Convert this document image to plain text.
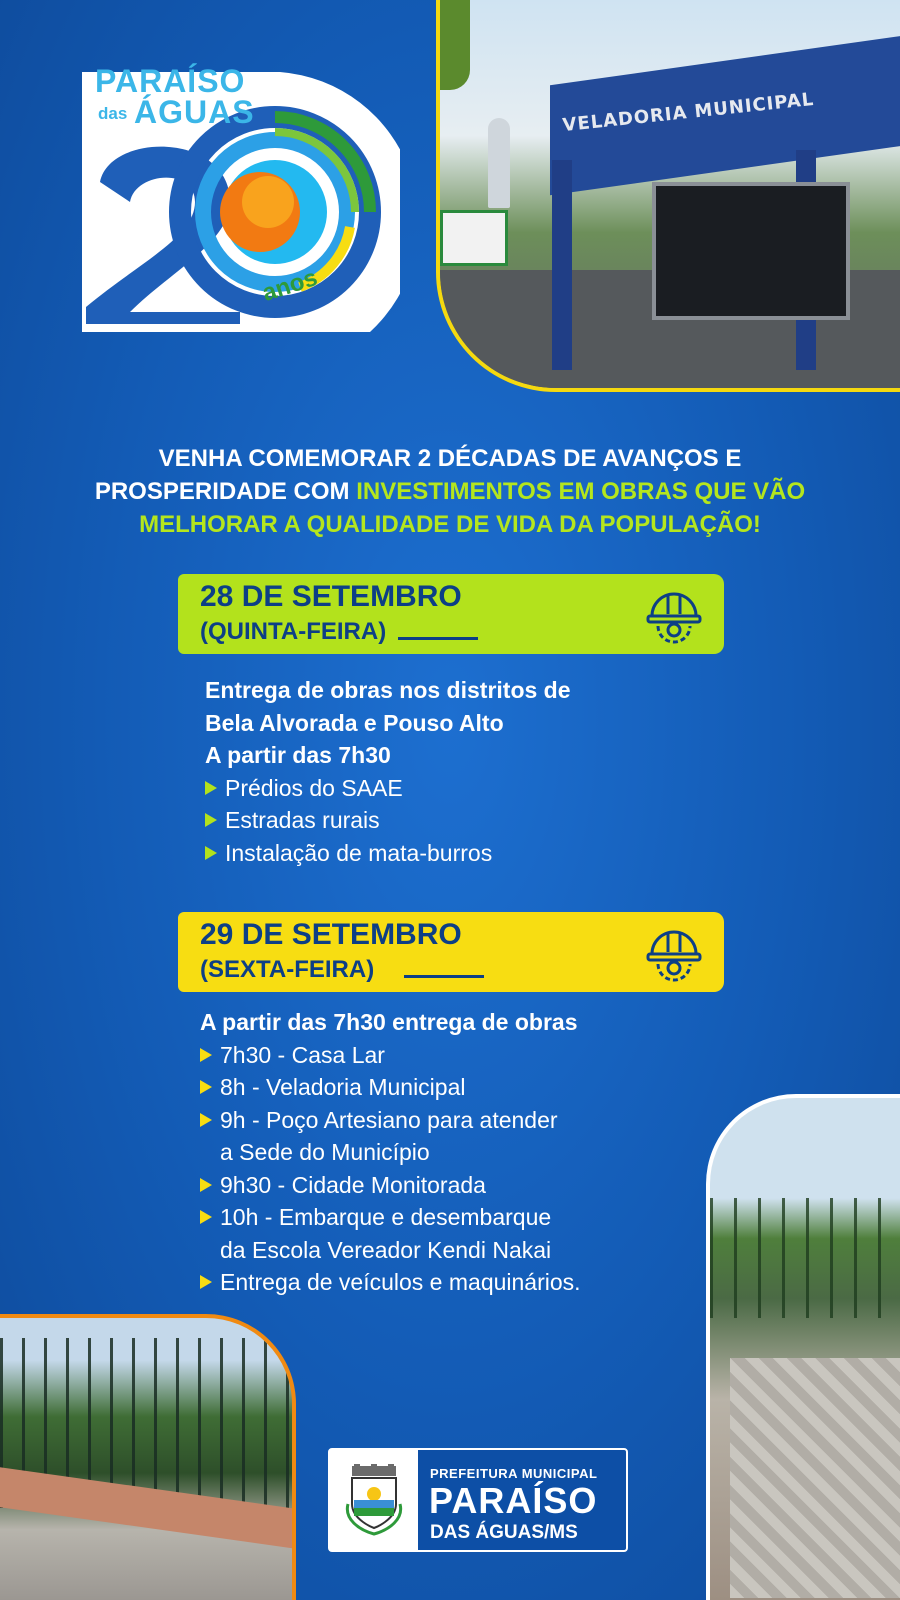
PARAÍSO
das ÁGUAS
anos
VELADORIA MUNICIPAL
VENHA COMEMORAR 2 DÉCADAS DE AVANÇOS E PROSPERIDADE COM INVESTIMENTOS EM OBRAS QUE VÃO MELHORAR A QUALIDADE DE VIDA DA POPULAÇÃO!
28 DE SETEMBRO
(QUINTA-FEIRA)
Entrega de obras nos distritos de
Bela Alvorada e Pouso Alto
A partir das 7h30
Prédios do SAAE
Estradas rurais
Instalação de mata-burros
29 DE SETEMBRO
(SEXTA-FEIRA)
A partir das 7h30 entrega de obras
7h30 - Casa Lar
8h - Veladoria Municipal
9h - Poço Artesiano para atender
a Sede do Município
9h30 - Cidade Monitorada
10h - Embarque e desembarque
da Escola Vereador Kendi Nakai
Entrega de veículos e maquinários.
PREFEITURA MUNICIPAL
PARAÍSO
DAS ÁGUAS/MS
